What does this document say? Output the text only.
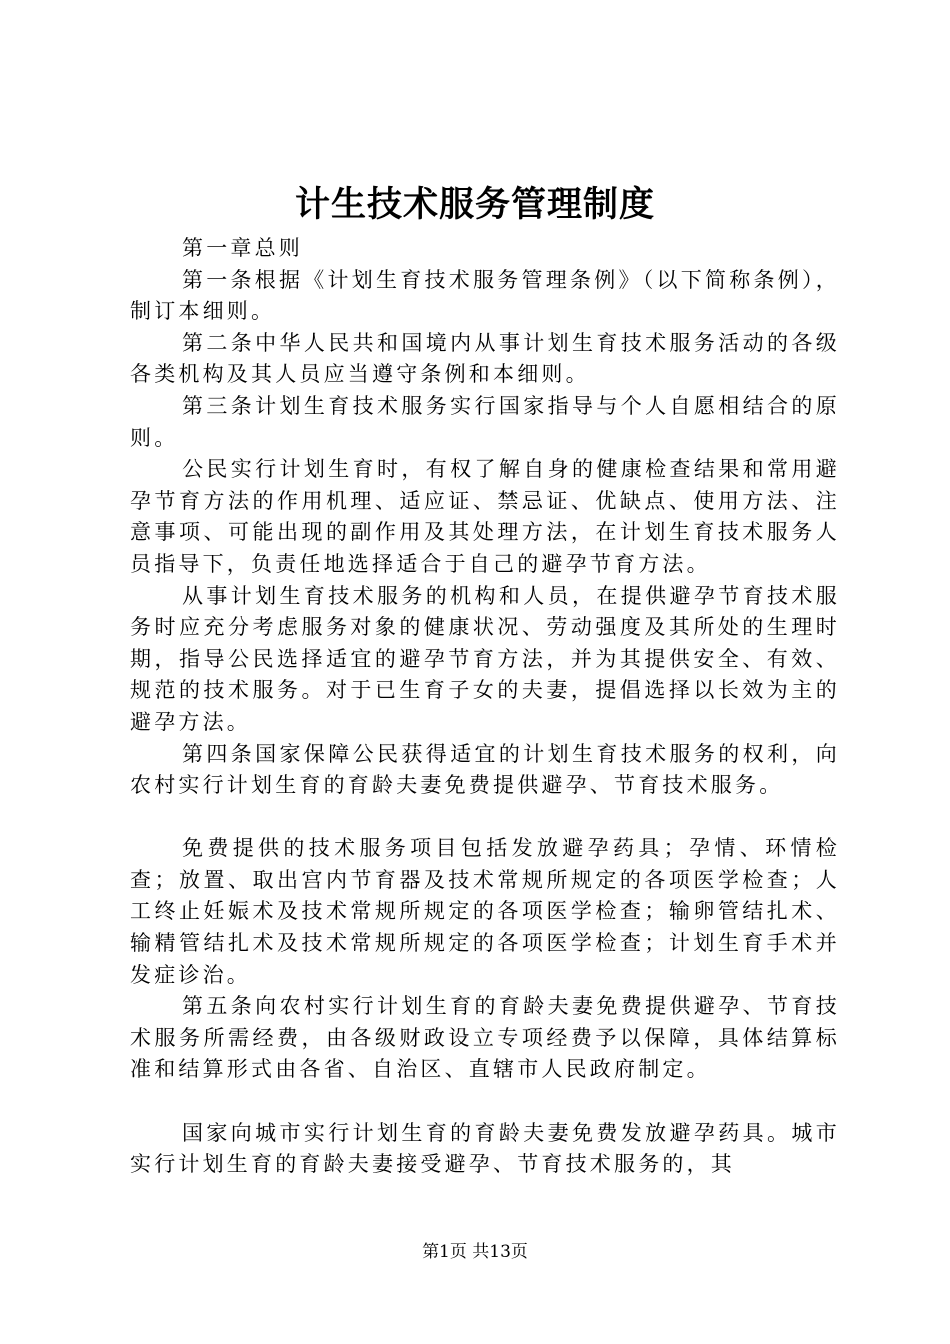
计生技术服务管理制度

第一章总则

第一条根据《计划生育技术服务管理条例》（以下简称条例），制订本细则。

第二条中华人民共和国境内从事计划生育技术服务活动的各级各类机构及其人员应当遵守条例和本细则。

第三条计划生育技术服务实行国家指导与个人自愿相结合的原则。

公民实行计划生育时，有权了解自身的健康检查结果和常用避孕节育方法的作用机理、适应证、禁忌证、优缺点、使用方法、注意事项、可能出现的副作用及其处理方法，在计划生育技术服务人员指导下，负责任地选择适合于自己的避孕节育方法。

从事计划生育技术服务的机构和人员，在提供避孕节育技术服务时应充分考虑服务对象的健康状况、劳动强度及其所处的生理时期，指导公民选择适宜的避孕节育方法，并为其提供安全、有效、规范的技术服务。对于已生育子女的夫妻，提倡选择以长效为主的避孕方法。

第四条国家保障公民获得适宜的计划生育技术服务的权利，向农村实行计划生育的育龄夫妻免费提供避孕、节育技术服务。

免费提供的技术服务项目包括发放避孕药具；孕情、环情检查；放置、取出宫内节育器及技术常规所规定的各项医学检查；人工终止妊娠术及技术常规所规定的各项医学检查；输卵管结扎术、输精管结扎术及技术常规所规定的各项医学检查；计划生育手术并发症诊治。

第五条向农村实行计划生育的育龄夫妻免费提供避孕、节育技术服务所需经费，由各级财政设立专项经费予以保障，具体结算标准和结算形式由各省、自治区、直辖市人民政府制定。

国家向城市实行计划生育的育龄夫妻免费发放避孕药具。城市实行计划生育的育龄夫妻接受避孕、节育技术服务的，其

第1页 共13页
